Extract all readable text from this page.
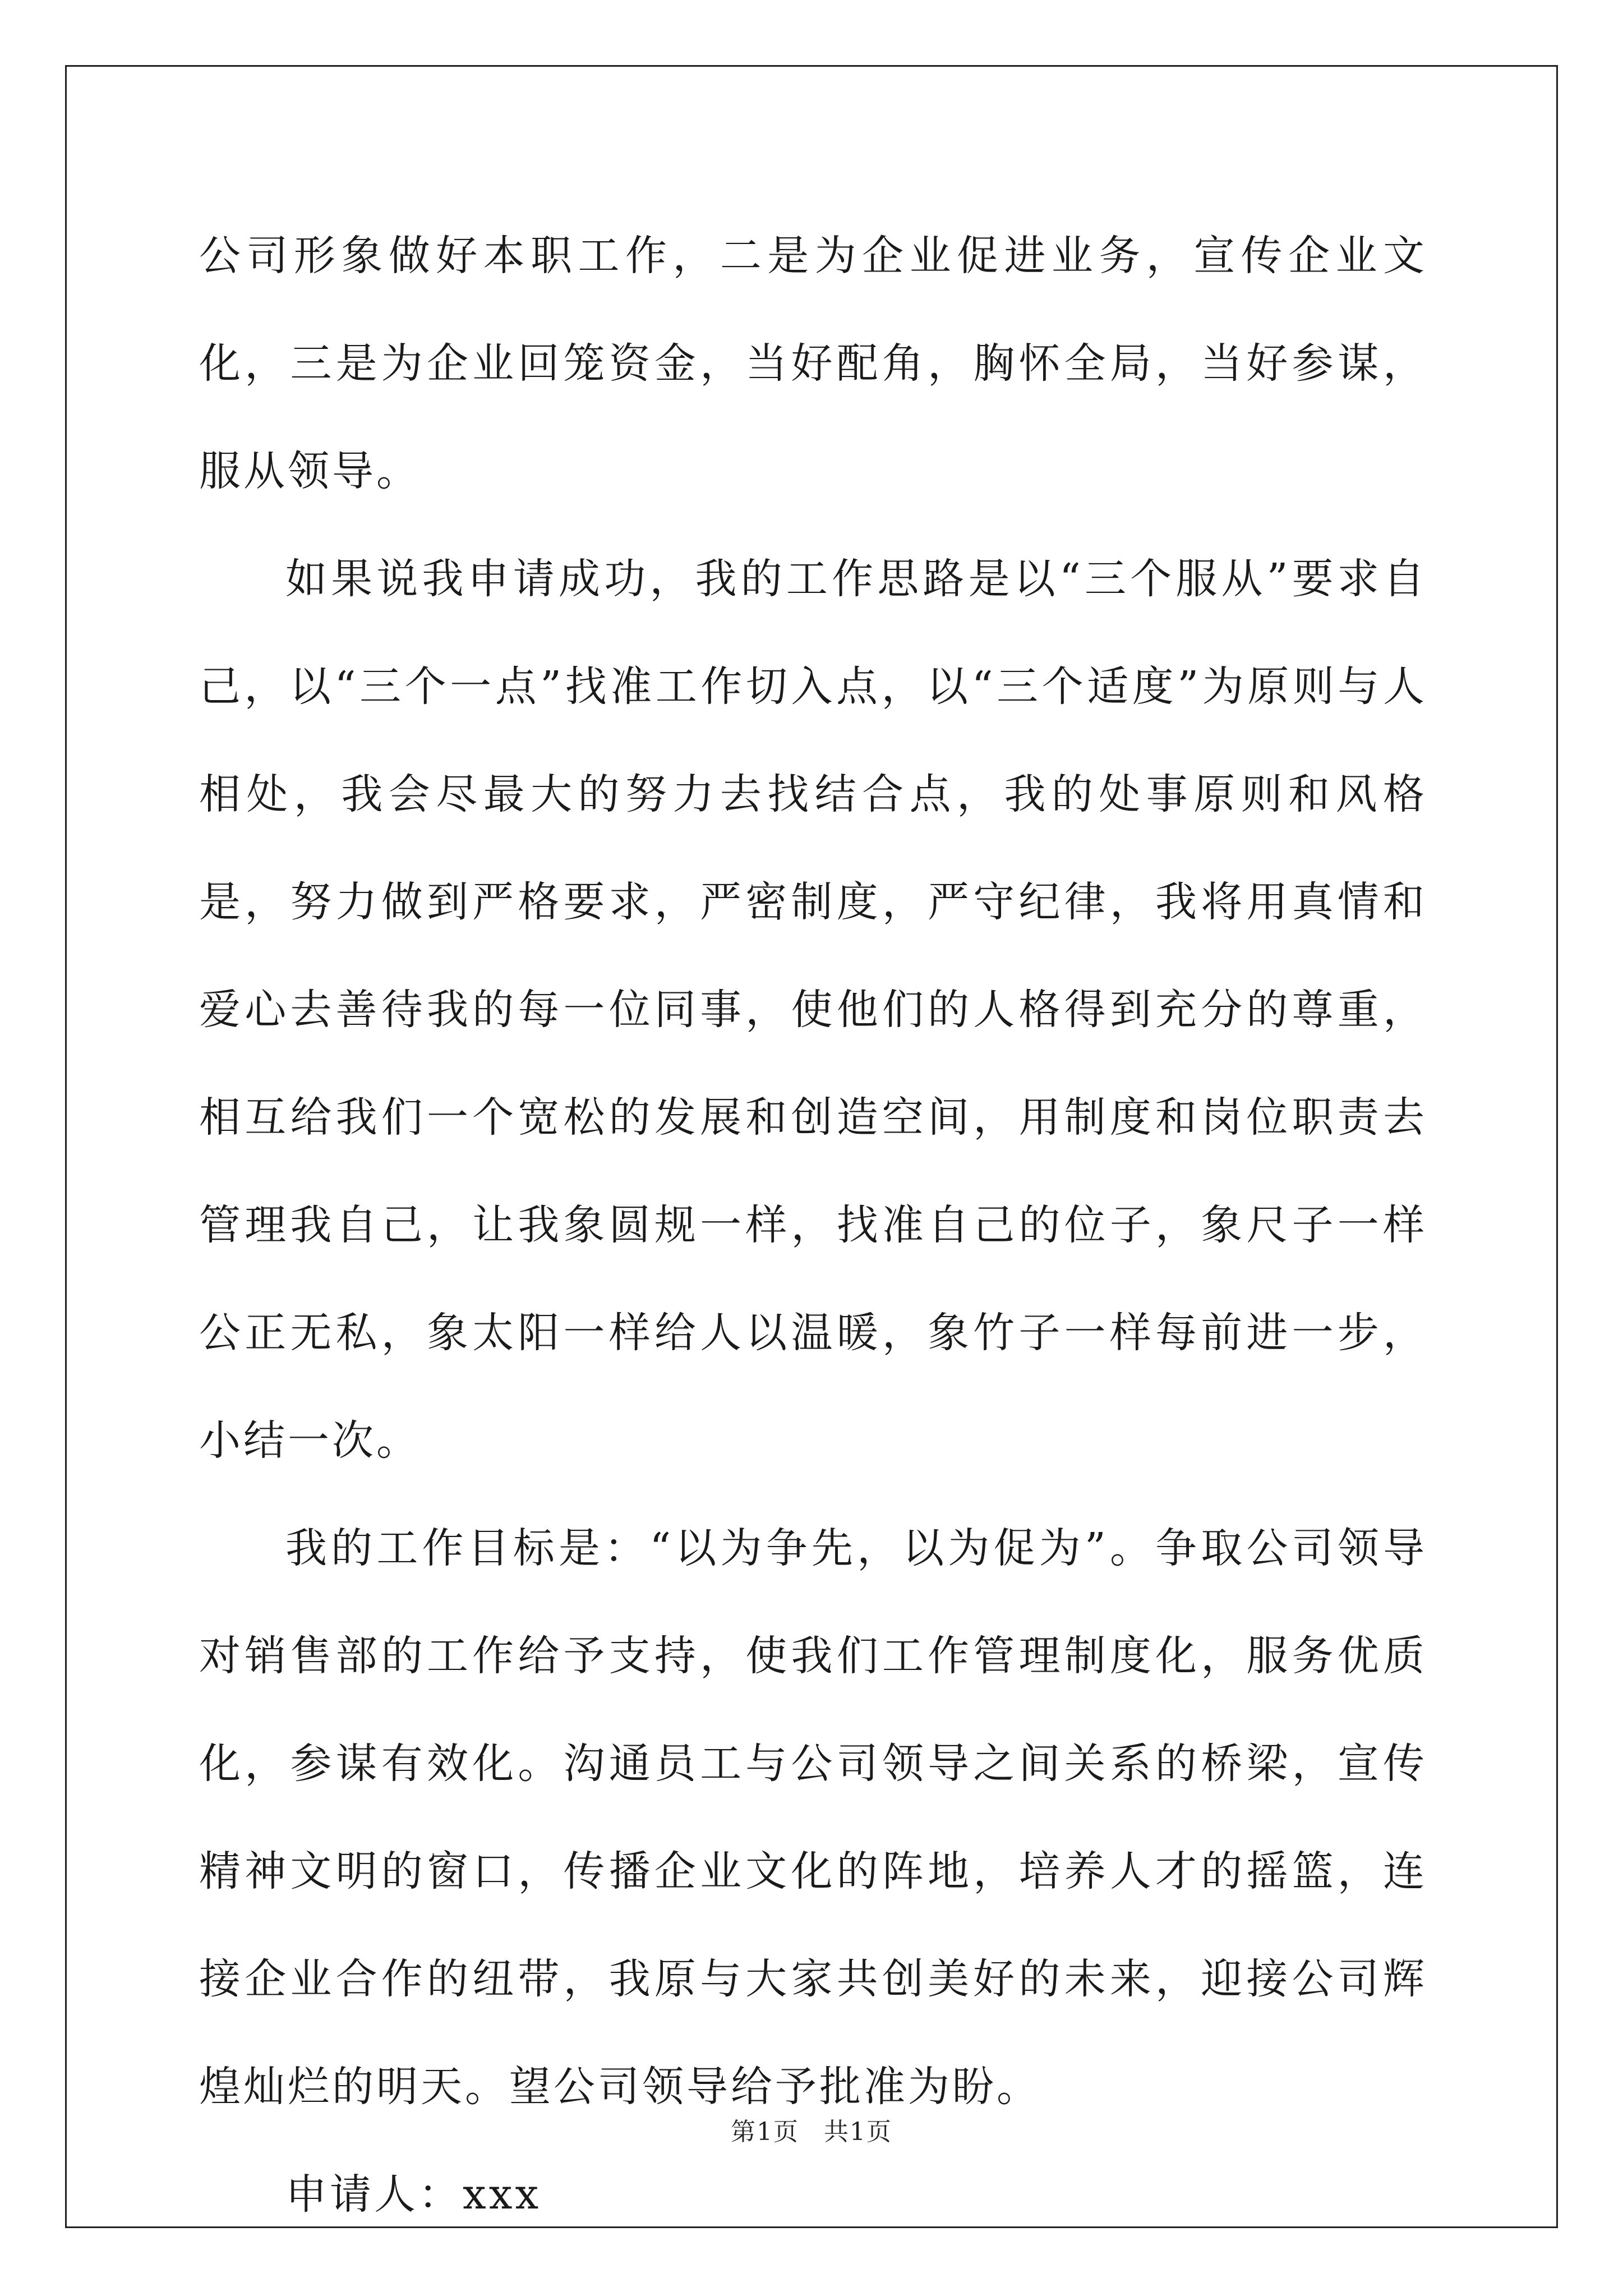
公司形象做好本职工作，二是为企业促进业务，宣传企业文化，三是为企业回笼资金，当好配角，胸怀全局，当好参谋，服从领导。

如果说我申请成功，我的工作思路是以“三个服从”要求自己，以“三个一点”找准工作切入点，以“三个适度”为原则与人相处，我会尽最大的努力去找结合点，我的处事原则和风格是，努力做到严格要求，严密制度，严守纪律，我将用真情和爱心去善待我的每一位同事，使他们的人格得到充分的尊重，相互给我们一个宽松的发展和创造空间，用制度和岗位职责去管理我自己，让我象圆规一样，找准自己的位子，象尺子一样公正无私，象太阳一样给人以温暖，象竹子一样每前进一步，小结一次。

我的工作目标是：“以为争先，以为促为”。争取公司领导对销售部的工作给予支持，使我们工作管理制度化，服务优质化，参谋有效化。沟通员工与公司领导之间关系的桥梁，宣传精神文明的窗口，传播企业文化的阵地，培养人才的摇篮，连接企业合作的纽带，我原与大家共创美好的未来，迎接公司辉煌灿烂的明天。望公司领导给予批准为盼。

申请人：xxx

第1页 共1页
